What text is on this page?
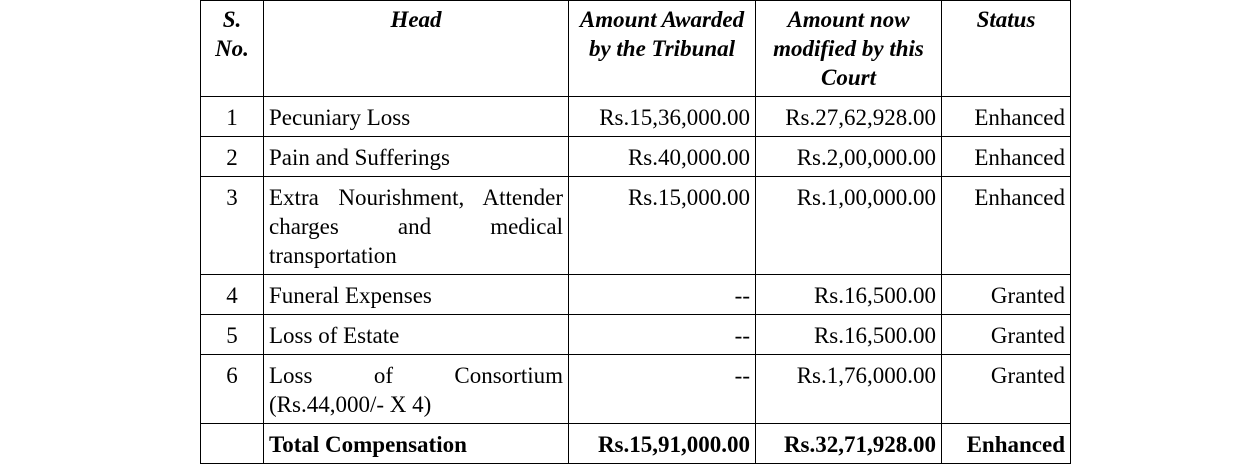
S. No.	Head	Amount Awarded by the Tribunal	Amount now modified by this Court	Status
1	Pecuniary Loss	Rs.15,36,000.00	Rs.27,62,928.00	Enhanced
2	Pain and Sufferings	Rs.40,000.00	Rs.2,00,000.00	Enhanced
3	Extra Nourishment, Attender charges and medical transportation	Rs.15,000.00	Rs.1,00,000.00	Enhanced
4	Funeral Expenses	--	Rs.16,500.00	Granted
5	Loss of Estate	--	Rs.16,500.00	Granted
6	Loss of Consortium (Rs.44,000/- X 4)	--	Rs.1,76,000.00	Granted
	Total Compensation	Rs.15,91,000.00	Rs.32,71,928.00	Enhanced
